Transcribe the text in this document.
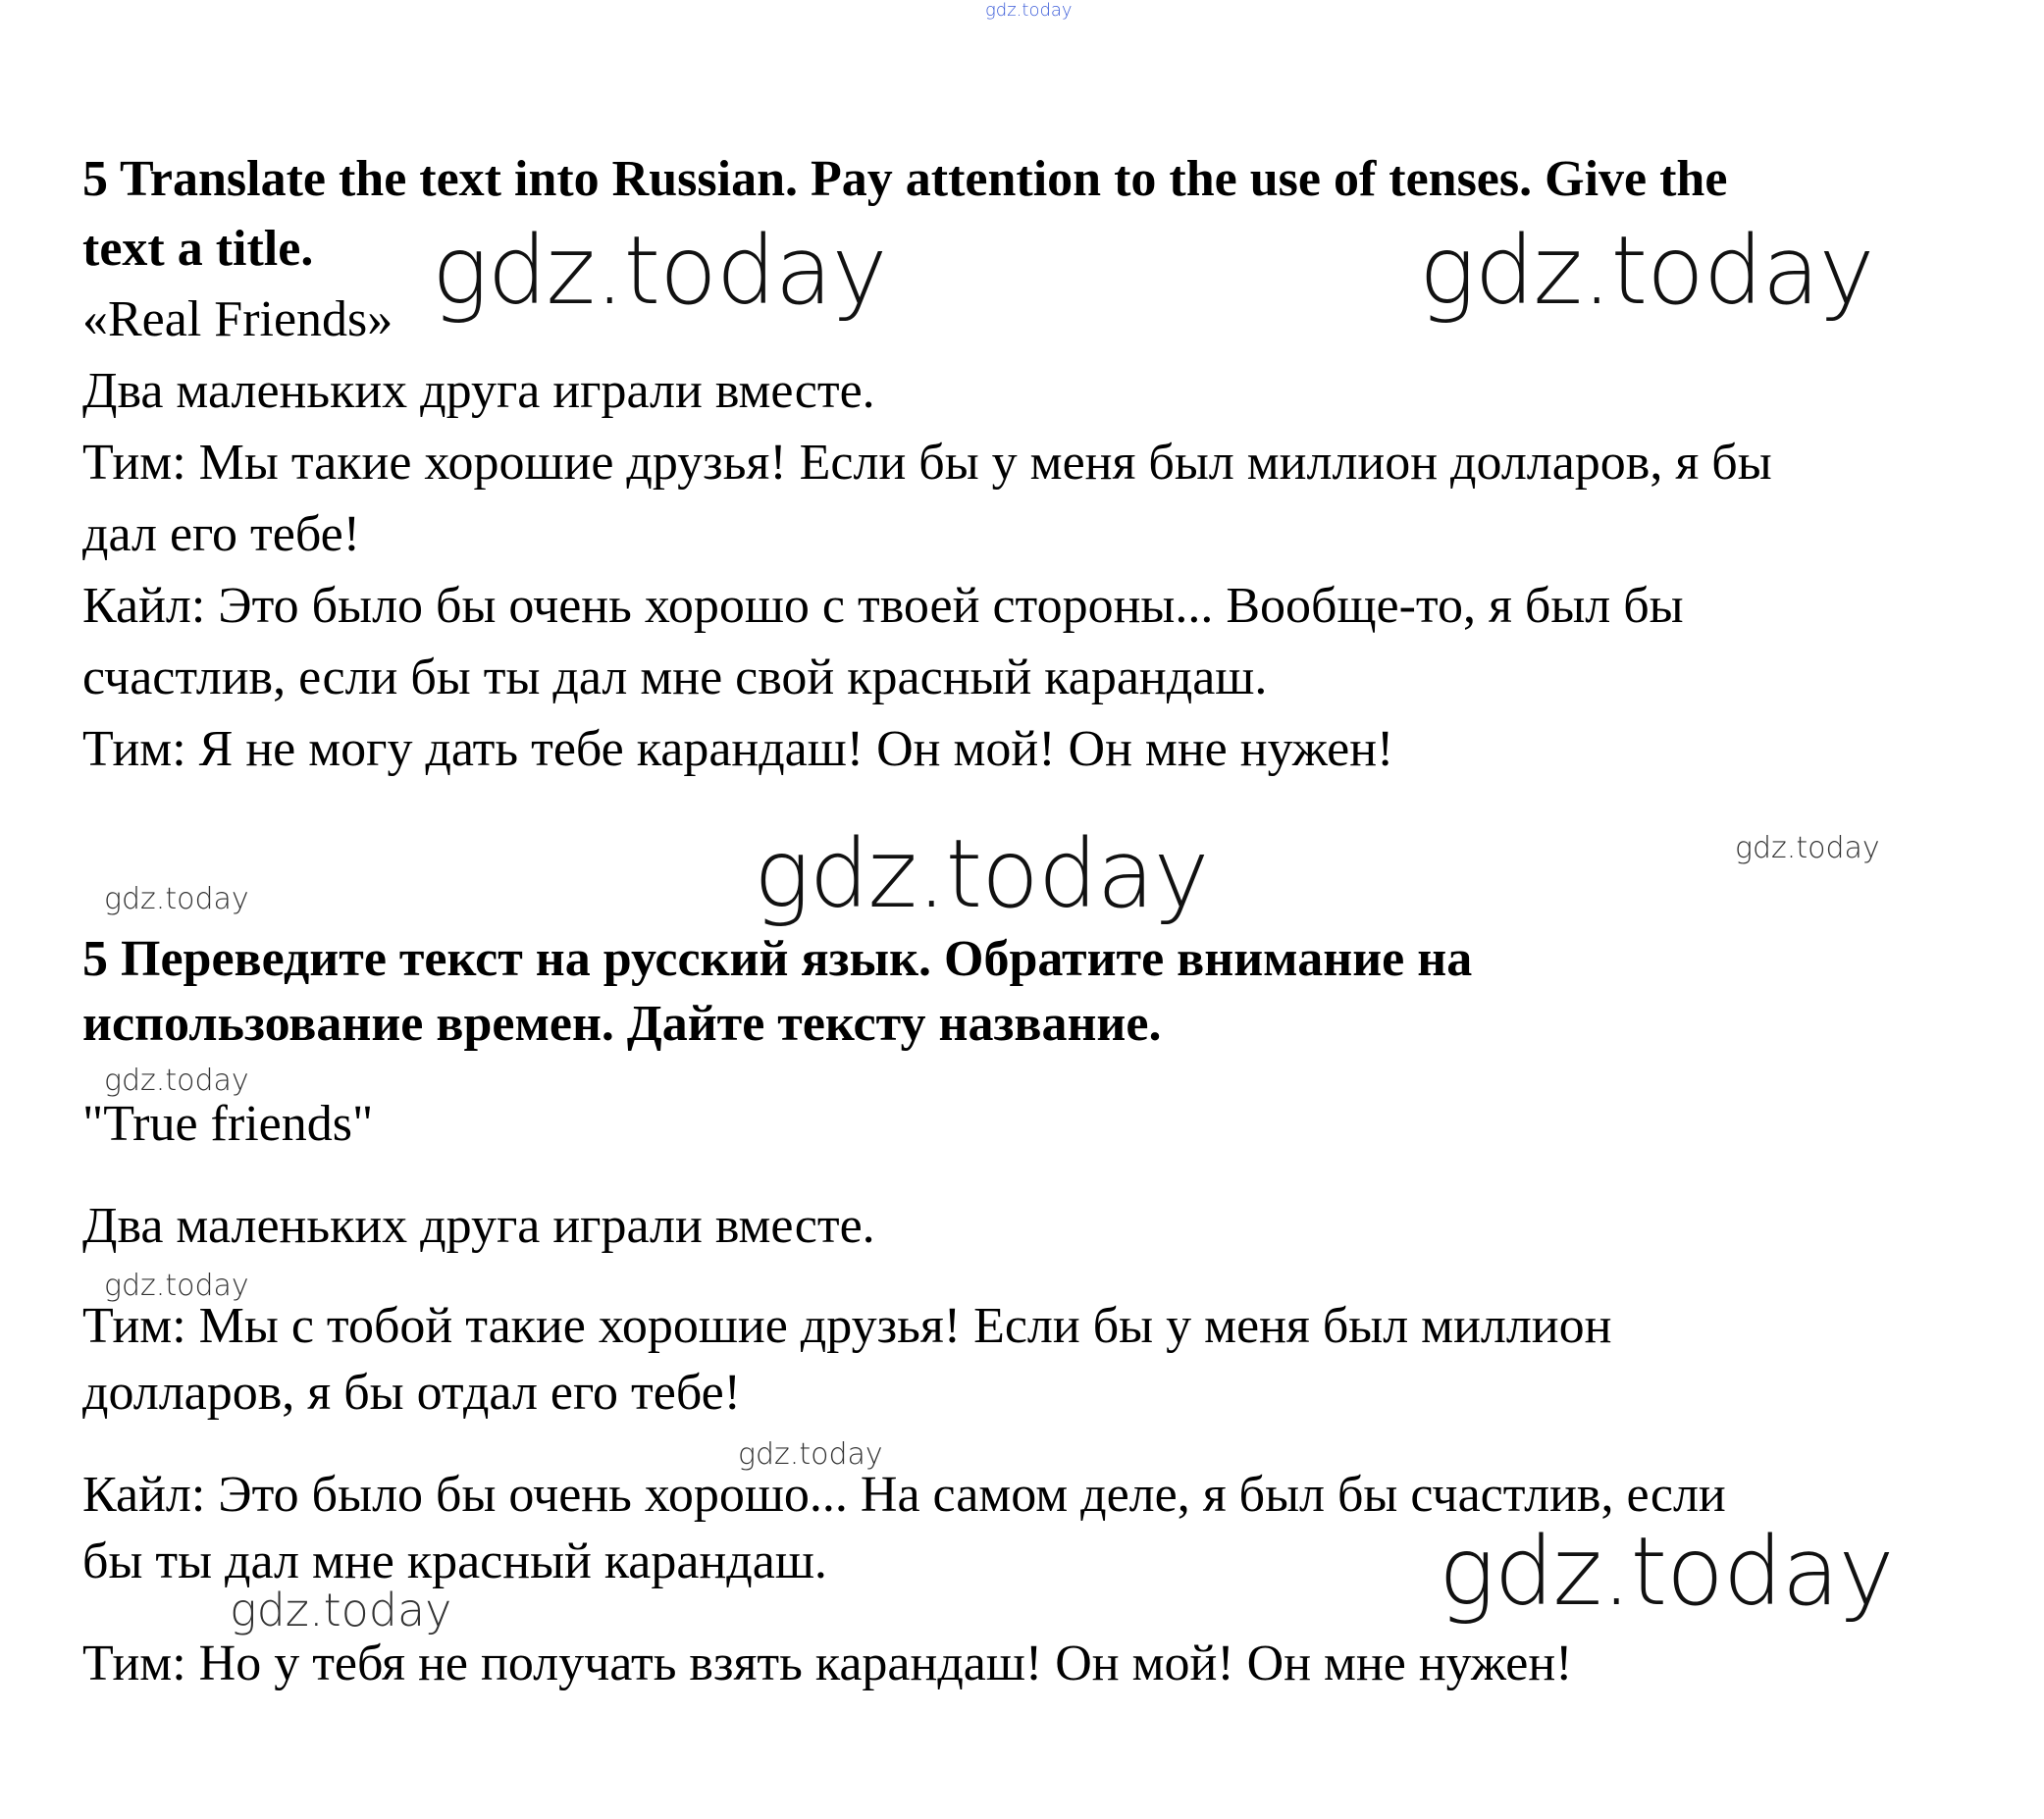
gdz.today
5 Translate the text into Russian. Pay attention to the use of tenses. Give the
text a title.
«Real Friends»
Два маленьких друга играли вместе.
Тим: Мы такие хорошие друзья! Если бы у меня был миллион долларов, я бы
дал его тебе!
Кайл: Это было бы очень хорошо с твоей стороны... Вообще-то, я был бы
счастлив, если бы ты дал мне свой красный карандаш.
Тим: Я не могу дать тебе карандаш! Он мой! Он мне нужен!
gdz.today	gdz.today
gdz.today	gdz.today
gdz.today
5 Переведите текст на русский язык. Обратите внимание на
использование времен. Дайте тексту название.
gdz.today
"True friends"
Два маленьких друга играли вместе.
gdz.today
Тим: Мы с тобой такие хорошие друзья! Если бы у меня был миллион
долларов, я бы отдал его тебе!
gdz.today
Кайл: Это было бы очень хорошо... На самом деле, я был бы счастлив, если
бы ты дал мне красный карандаш.	gdz.today
gdz.today
Тим: Но у тебя не получать взять карандаш! Он мой! Он мне нужен!
